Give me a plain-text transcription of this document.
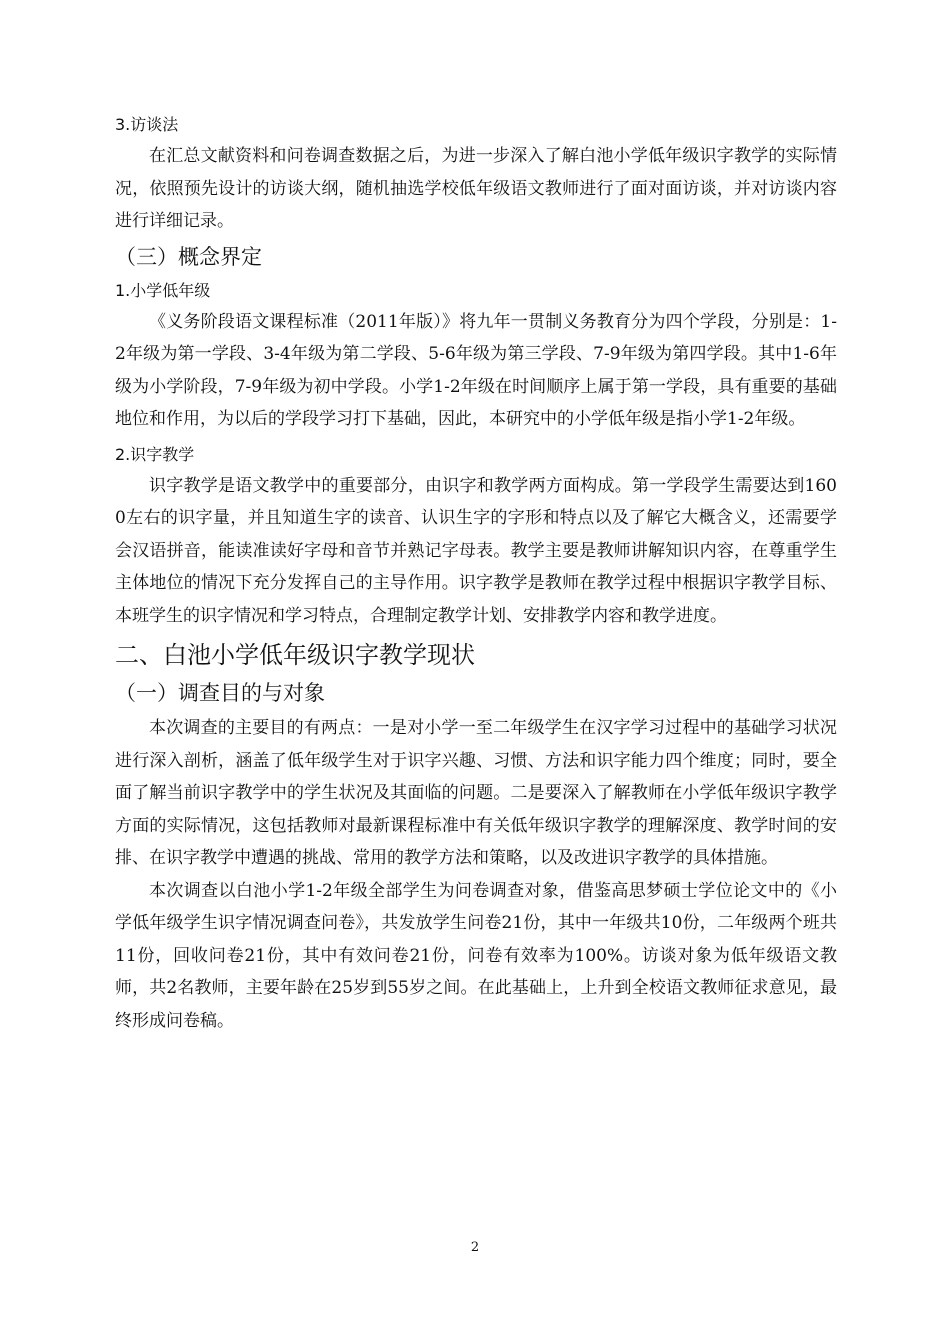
3.访谈法

在汇总文献资料和问卷调查数据之后，为进一步深入了解白池小学低年级识字教学的实际情况，依照预先设计的访谈大纲，随机抽选学校低年级语文教师进行了面对面访谈，并对访谈内容进行详细记录。

（三）概念界定

1.小学低年级

《义务阶段语文课程标准（2011年版）》将九年一贯制义务教育分为四个学段，分别是：1-2年级为第一学段、3-4年级为第二学段、5-6年级为第三学段、7-9年级为第四学段。其中1-6年级为小学阶段，7-9年级为初中学段。小学1-2年级在时间顺序上属于第一学段，具有重要的基础地位和作用，为以后的学段学习打下基础，因此，本研究中的小学低年级是指小学1-2年级。

2.识字教学

识字教学是语文教学中的重要部分，由识字和教学两方面构成。第一学段学生需要达到1600左右的识字量，并且知道生字的读音、认识生字的字形和特点以及了解它大概含义，还需要学会汉语拼音，能读准读好字母和音节并熟记字母表。教学主要是教师讲解知识内容，在尊重学生主体地位的情况下充分发挥自己的主导作用。识字教学是教师在教学过程中根据识字教学目标、本班学生的识字情况和学习特点，合理制定教学计划、安排教学内容和教学进度。

二、白池小学低年级识字教学现状

（一）调查目的与对象

本次调查的主要目的有两点：一是对小学一至二年级学生在汉字学习过程中的基础学习状况进行深入剖析，涵盖了低年级学生对于识字兴趣、习惯、方法和识字能力四个维度；同时，要全面了解当前识字教学中的学生状况及其面临的问题。二是要深入了解教师在小学低年级识字教学方面的实际情况，这包括教师对最新课程标准中有关低年级识字教学的理解深度、教学时间的安排、在识字教学中遭遇的挑战、常用的教学方法和策略，以及改进识字教学的具体措施。

本次调查以白池小学1-2年级全部学生为问卷调查对象，借鉴高思梦硕士学位论文中的《小学低年级学生识字情况调查问卷》，共发放学生问卷21份，其中一年级共10份，二年级两个班共11份，回收问卷21份，其中有效问卷21份，问卷有效率为100%。访谈对象为低年级语文教师，共2名教师，主要年龄在25岁到55岁之间。在此基础上，上升到全校语文教师征求意见，最终形成问卷稿。

2
